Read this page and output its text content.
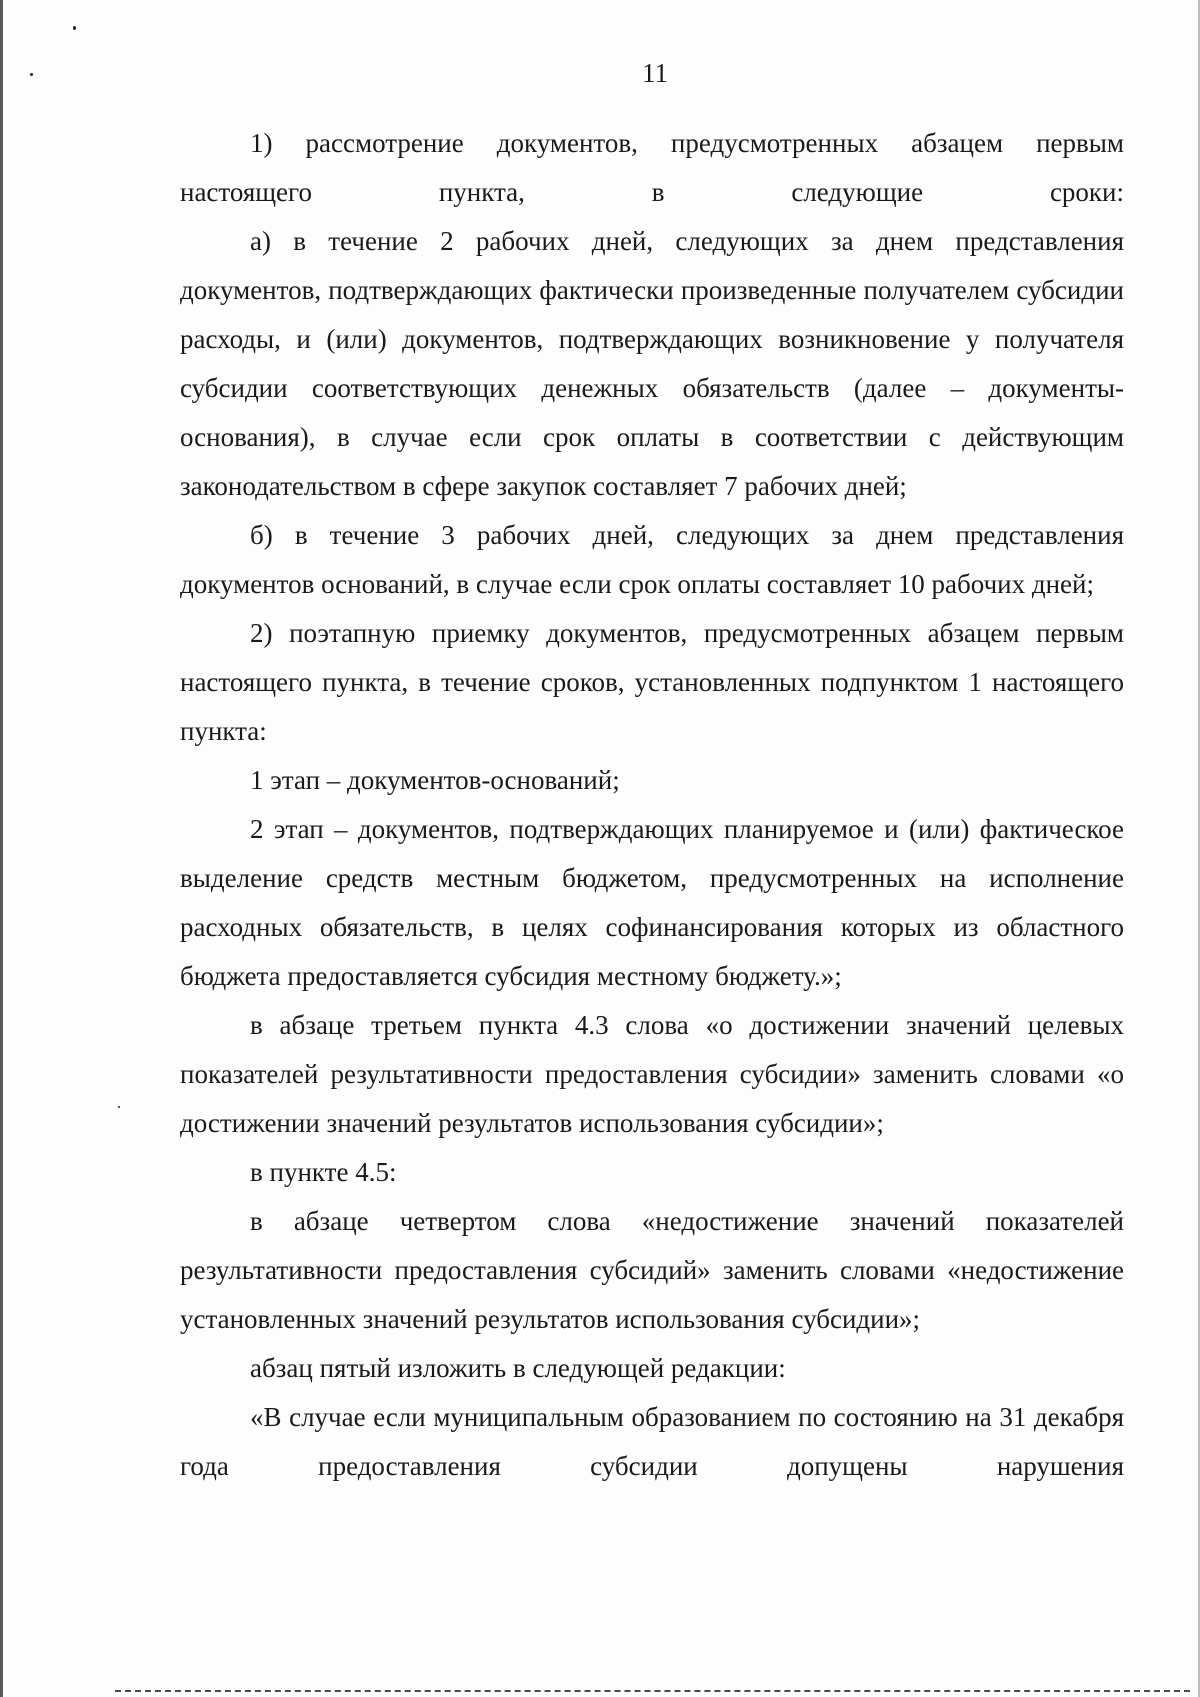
11

1) рассмотрение документов, предусмотренных абзацем первым настоящего пункта, в следующие сроки:

а) в течение 2 рабочих дней, следующих за днем представления документов, подтверждающих фактически произведенные получателем субсидии расходы, и (или) документов, подтверждающих возникновение у получателя субсидии соответствующих денежных обязательств (далее – документы-основания), в случае если срок оплаты в соответствии с действующим законодательством в сфере закупок составляет 7 рабочих дней;

б) в течение 3 рабочих дней, следующих за днем представления документов оснований, в случае если срок оплаты составляет 10 рабочих дней;

2) поэтапную приемку документов, предусмотренных абзацем первым настоящего пункта, в течение сроков, установленных подпунктом 1 настоящего пункта:

1 этап – документов-оснований;

2 этап – документов, подтверждающих планируемое и (или) фактическое выделение средств местным бюджетом, предусмотренных на исполнение расходных обязательств, в целях софинансирования которых из областного бюджета предоставляется субсидия местному бюджету.»;

в абзаце третьем пункта 4.3 слова «о достижении значений целевых показателей результативности предоставления субсидии» заменить словами «о достижении значений результатов использования субсидии»;

в пункте 4.5:

в абзаце четвертом слова «недостижение значений показателей результативности предоставления субсидий» заменить словами «недостижение установленных значений результатов использования субсидии»;

абзац пятый изложить в следующей редакции:

«В случае если муниципальным образованием по состоянию на 31 декабря года предоставления субсидии допущены нарушения
